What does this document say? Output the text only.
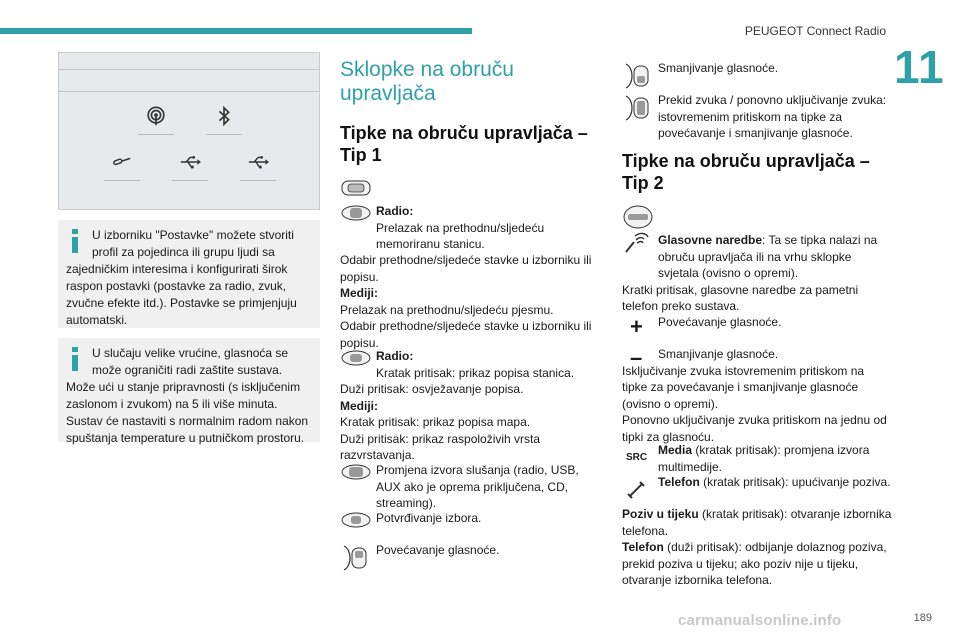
PEUGEOT Connect Radio
11
U izborniku "Postavke" možete stvoriti profil za pojedinca ili grupu ljudi sa
zajedničkim interesima i konfigurirati širok raspon postavki (postavke za radio, zvuk, zvučne efekte itd.). Postavke se primjenjuju automatski.
U slučaju velike vrućine, glasnoća se može ograničiti radi zaštite sustava.
Može ući u stanje pripravnosti (s isključenim zaslonom i zvukom) na 5 ili više minuta. Sustav će nastaviti s normalnim radom nakon spuštanja temperature u putničkom prostoru.
Sklopke na obruču upravljača
Tipke na obruču upravljača – Tip 1
Radio:
Prelazak na prethodnu/sljedeću memoriranu stanicu.
Odabir prethodne/sljedeće stavke u izborniku ili popisu.
Mediji:
Prelazak na prethodnu/sljedeću pjesmu.
Odabir prethodne/sljedeće stavke u izborniku ili popisu.
Radio:
Kratak pritisak: prikaz popisa stanica.
Duži pritisak: osvježavanje popisa.
Mediji:
Kratak pritisak: prikaz popisa mapa.
Duži pritisak: prikaz raspoloživih vrsta razvrstavanja.
Promjena izvora slušanja (radio, USB, AUX ako je oprema priključena, CD, streaming).
Potvrđivanje izbora.
Povećavanje glasnoće.
Smanjivanje glasnoće.
Prekid zvuka / ponovno uključivanje zvuka: istovremenim pritiskom na tipke za povećavanje i smanjivanje glasnoće.
Tipke na obruču upravljača – Tip 2
Glasovne naredbe: Ta se tipka nalazi na obruču upravljača ili na vrhu sklopke svjetala (ovisno o opremi).
Kratki pritisak, glasovne naredbe za pametni telefon preko sustava.
+	Povećavanje glasnoće.
–	Smanjivanje glasnoće.
Isključivanje zvuka istovremenim pritiskom na tipke za povećavanje i smanjivanje glasnoće (ovisno o opremi).
Ponovno uključivanje zvuka pritiskom na jednu od tipki za glasnoću.
SRC
Media (kratak pritisak): promjena izvora multimedije.
Telefon (kratak pritisak): upućivanje poziva.
Poziv u tijeku (kratak pritisak): otvaranje izbornika telefona.
Telefon (duži pritisak): odbijanje dolaznog poziva, prekid poziva u tijeku; ako poziv nije u tijeku, otvaranje izbornika telefona.
carmanualsonline.info	189
